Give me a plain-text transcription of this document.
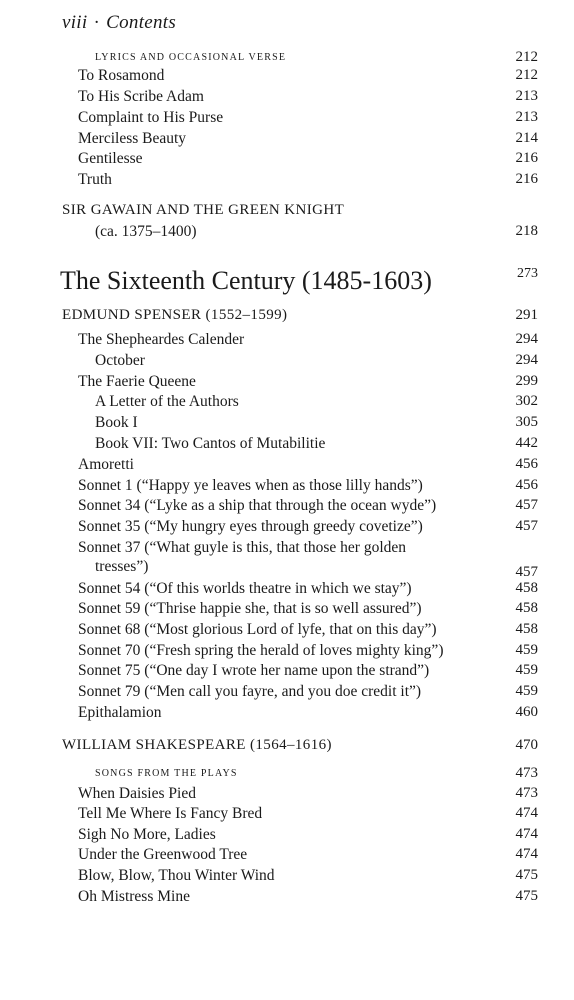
viii · Contents
LYRICS AND OCCASIONAL VERSE	212
To Rosamond	212
To His Scribe Adam	213
Complaint to His Purse	213
Merciless Beauty	214
Gentilesse	216
Truth	216
SIR GAWAIN AND THE GREEN KNIGHT
(ca. 1375–1400)	218
The Sixteenth Century (1485-1603)	273
EDMUND SPENSER (1552–1599)	291
The Shepheardes Calender	294
October	294
The Faerie Queene	299
A Letter of the Authors	302
Book I	305
Book VII: Two Cantos of Mutabilitie	442
Amoretti	456
Sonnet 1 (“Happy ye leaves when as those lilly hands”)	456
Sonnet 34 (“Lyke as a ship that through the ocean wyde”)	457
Sonnet 35 (“My hungry eyes through greedy covetize”)	457
Sonnet 37 (“What guyle is this, that those her golden
tresses”)	457
Sonnet 54 (“Of this worlds theatre in which we stay”)	458
Sonnet 59 (“Thrise happie she, that is so well assured”)	458
Sonnet 68 (“Most glorious Lord of lyfe, that on this day”)	458
Sonnet 70 (“Fresh spring the herald of loves mighty king”)	459
Sonnet 75 (“One day I wrote her name upon the strand”)	459
Sonnet 79 (“Men call you fayre, and you doe credit it”)	459
Epithalamion	460
WILLIAM SHAKESPEARE (1564–1616)	470
SONGS FROM THE PLAYS	473
When Daisies Pied	473
Tell Me Where Is Fancy Bred	474
Sigh No More, Ladies	474
Under the Greenwood Tree	474
Blow, Blow, Thou Winter Wind	475
Oh Mistress Mine	475
